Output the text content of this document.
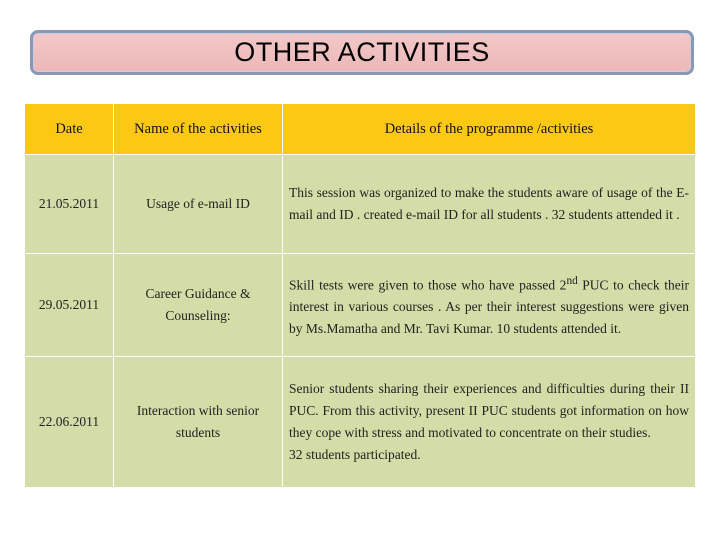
OTHER ACTIVITIES
Date	Name of the activities	Details of the programme /activities
21.05.2011	Usage of e-mail ID	This session was organized to make the students aware of usage of the E-mail and ID . created e-mail ID for all students . 32 students attended it .
29.05.2011	Career Guidance & Counseling:	Skill tests were given to those who have passed 2nd PUC to check their interest in various courses . As per their interest suggestions were given by Ms.Mamatha and Mr. Tavi Kumar. 10 students attended it.
22.06.2011	Interaction with senior students	Senior students sharing their experiences and difficulties during their II PUC. From this activity, present II PUC students got information on how they cope with stress and motivated to concentrate on their studies.
32 students participated.
